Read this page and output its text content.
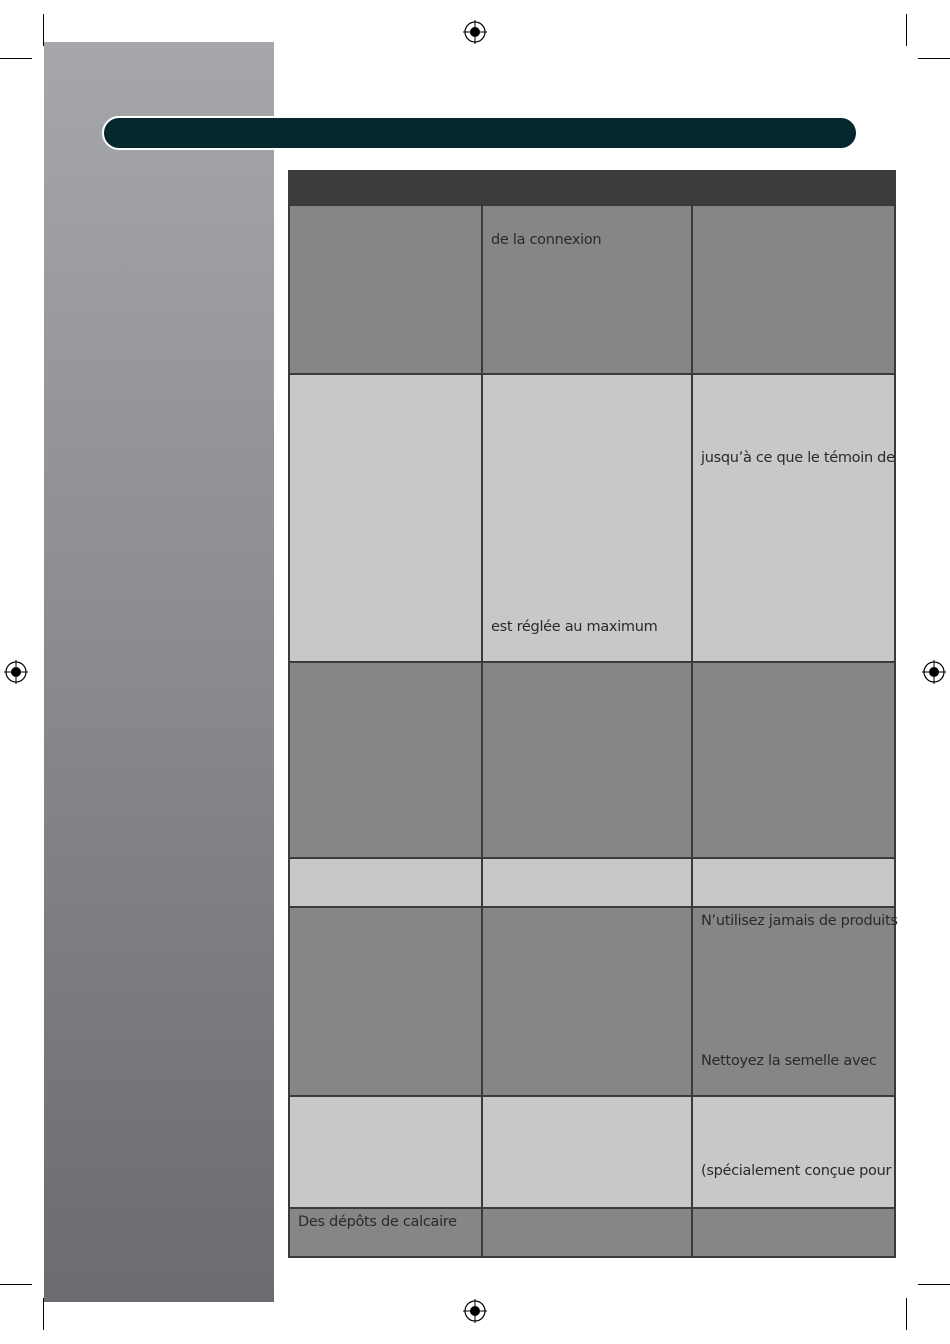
	de la connexion	

	est réglée au maximum	jusqu’à ce que le témoin de

		N’utilisez jamais de produits
Nettoyez la semelle avec

		(spécialement conçue pour

Des dépôts de calcaire		
